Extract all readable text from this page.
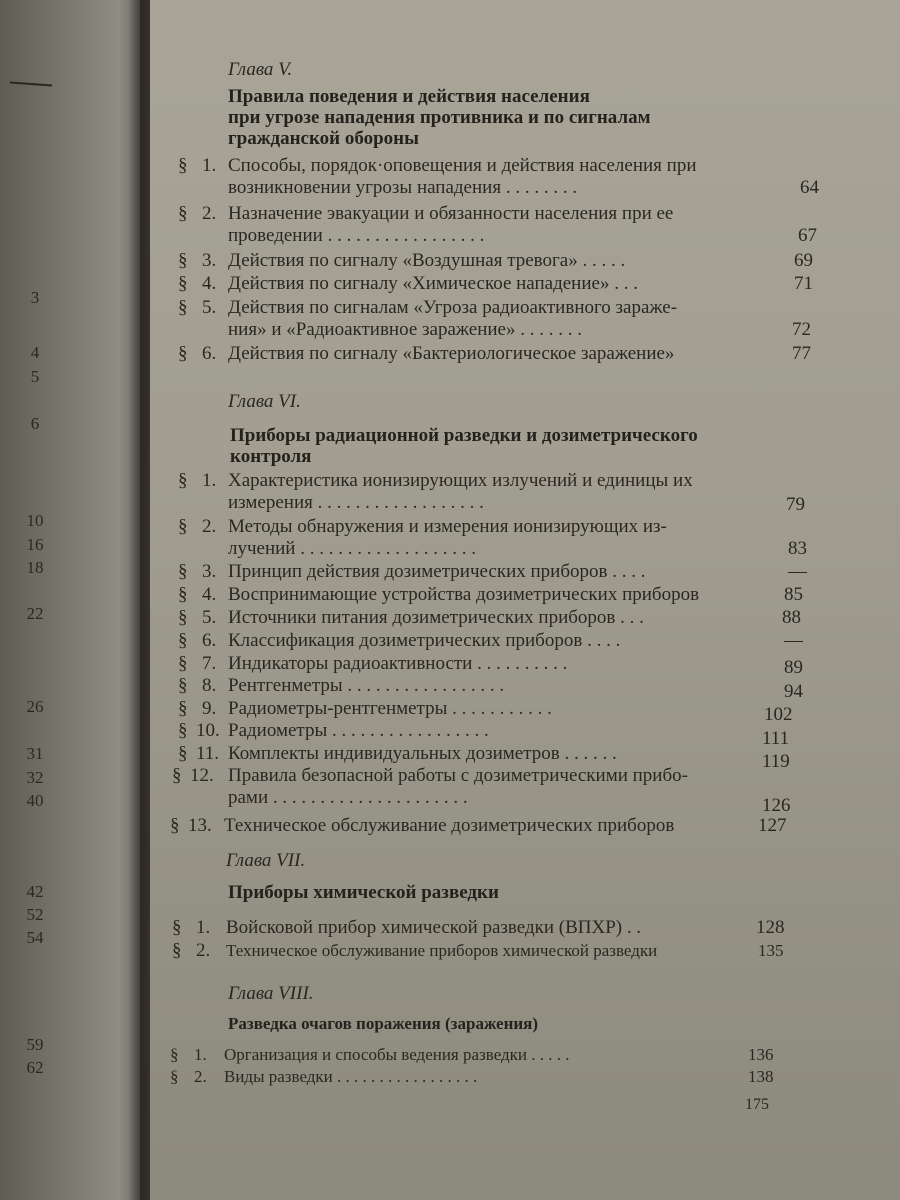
3
4
5
6
10
16
18
22
26
31
32
40
42
52
54
59
62
Глава V.
Правила поведения и действия населения
при угрозе нападения противника и по сигналам
гражданской обороны
§ 1. Способы, порядок·оповещения и действия населения при
возникновении угрозы нападения . . . . . . . .	64
§ 2. Назначение эвакуации и обязанности населения при ее
проведении . . . . . . . . . . . . . . . . .	67
§ 3. Действия по сигналу «Воздушная тревога» . . . . .	69
§ 4. Действия по сигналу «Химическое нападение» . . .	71
§ 5. Действия по сигналам «Угроза радиоактивного зараже-
ния» и «Радиоактивное заражение» . . . . . . .	72
§ 6. Действия по сигналу «Бактериологическое заражение»	77
Глава VI.
Приборы радиационной разведки и дозиметрического
контроля
§ 1. Характеристика ионизирующих излучений и единицы их
измерения . . . . . . . . . . . . . . . . . .	79
§ 2. Методы обнаружения и измерения ионизирующих из-
лучений . . . . . . . . . . . . . . . . . . .	83
§ 3. Принцип действия дозиметрических приборов . . . .	—
§ 4. Воспринимающие устройства дозиметрических приборов	85
§ 5. Источники питания дозиметрических приборов . . .	88
§ 6. Классификация дозиметрических приборов . . . .	—
§ 7. Индикаторы радиоактивности . . . . . . . . . .	89
§ 8. Рентгенметры . . . . . . . . . . . . . . . . .	94
§ 9. Радиометры-рентгенметры . . . . . . . . . . .	102
§ 10. Радиометры . . . . . . . . . . . . . . . . .	111
§ 11. Комплекты индивидуальных дозиметров . . . . . .	119
§ 12. Правила безопасной работы с дозиметрическими прибо-
рами . . . . . . . . . . . . . . . . . . . . .	126
§ 13. Техническое обслуживание дозиметрических приборов	127
Глава VII.
Приборы химической разведки
§ 1. Войсковой прибор химической разведки (ВПХР) . .	128
§ 2. Техническое обслуживание приборов химической разведки	135
Глава VIII.
Разведка очагов поражения (заражения)
§ 1. Организация и способы ведения разведки . . . . .	136
§ 2. Виды разведки . . . . . . . . . . . . . . . . .	138
175
